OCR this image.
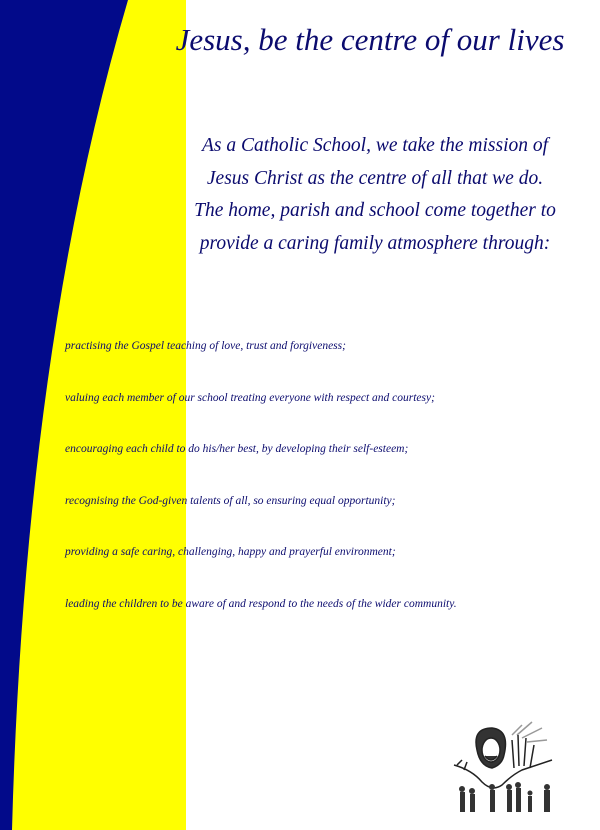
Jesus, be the centre of our lives
As a Catholic School, we take the mission of
Jesus Christ as the centre of all that we do.
The home, parish and school come together to
provide a caring family atmosphere through:
practising the Gospel teaching of love, trust and forgiveness;
valuing each member of our school treating everyone with respect and courtesy;
encouraging each child to do his/her best, by developing their self-esteem;
recognising the God-given talents of all, so ensuring equal opportunity;
providing a safe caring, challenging, happy and prayerful environment;
leading the children to be aware of and respond to the needs of the wider community.
